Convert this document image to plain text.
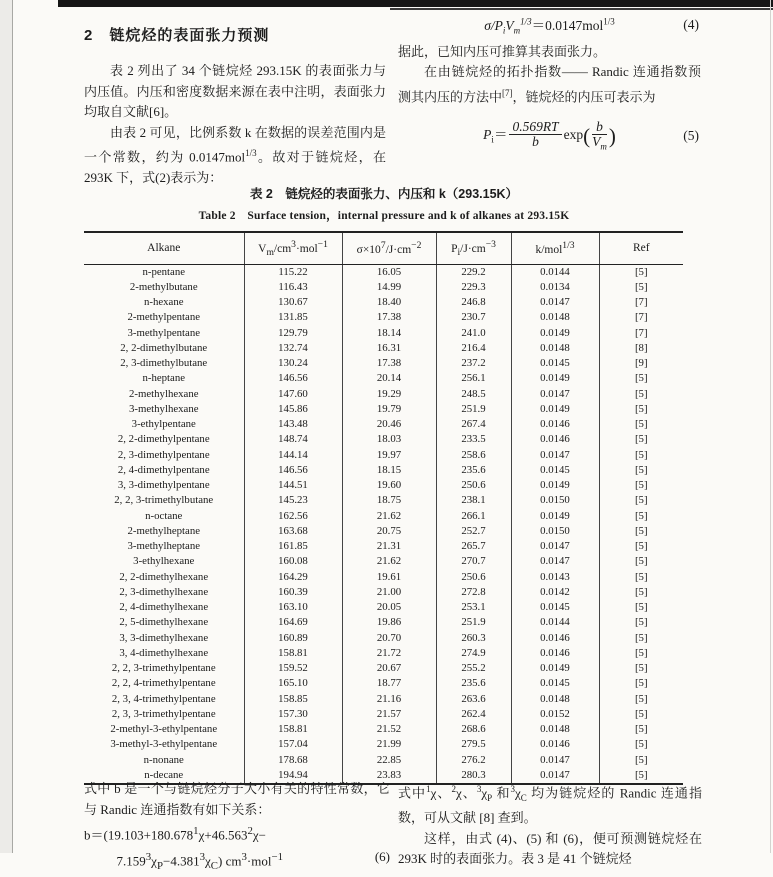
2　链烷烃的表面张力预测

表 2 列出了 34 个链烷烃 293.15K 的表面张力与内压值。内压和密度数据来源在表中注明，表面张力均取自文献[6]。

由表 2 可见，比例系数 k 在数据的误差范围内是一个常数，约为 0.0147mol$^{1/3}$。故对于链烷烃，在 293K 下，式(2)表示为：

$\sigma/P_iV_m^{1/3}=0.0147mol^{1/3}$	(4)

据此，已知内压可推算其表面张力。

在由链烷烃的拓扑指数—— Randic 连通指数预测其内压的方法中[7]，链烷烃的内压可表示为

$P_i= \frac{0.569RT}{b} \exp( \frac{b}{V_m}$ )	(5)

表 2　链烷烃的表面张力、内压和 k（293.15K）

Table 2　Surface tension，internal pressure and k of alkanes at 293.15K

Alkane	$V_m/cm^3\cdot mol^{-1}$	$\sigma\times 10^7/J\cdot cm^{-2}$	$P_i/J\cdot cm^{-3}$	k/mol$^{1/3}$	Ref
n-pentane	115.22	16.05	229.2	0.0144	[5]
2-methylbutane	116.43	14.99	229.3	0.0134	[5]
n-hexane	130.67	18.40	246.8	0.0147	[7]
2-methylpentane	131.85	17.38	230.7	0.0148	[7]
3-methylpentane	129.79	18.14	241.0	0.0149	[7]
2, 2-dimethylbutane	132.74	16.31	216.4	0.0148	[8]
2, 3-dimethylbutane	130.24	17.38	237.2	0.0145	[9]
n-heptane	146.56	20.14	256.1	0.0149	[5]
2-methylhexane	147.60	19.29	248.5	0.0147	[5]
3-methylhexane	145.86	19.79	251.9	0.0149	[5]
3-ethylpentane	143.48	20.46	267.4	0.0146	[5]
2, 2-dimethylpentane	148.74	18.03	233.5	0.0146	[5]
2, 3-dimethylpentane	144.14	19.97	258.6	0.0147	[5]
2, 4-dimethylpentane	146.56	18.15	235.6	0.0145	[5]
3, 3-dimethylpentane	144.51	19.60	250.6	0.0149	[5]
2, 2, 3-trimethylbutane	145.23	18.75	238.1	0.0150	[5]
n-octane	162.56	21.62	266.1	0.0149	[5]
2-methylheptane	163.68	20.75	252.7	0.0150	[5]
3-methylheptane	161.85	21.31	265.7	0.0147	[5]
3-ethylhexane	160.08	21.62	270.7	0.0147	[5]
2, 2-dimethylhexane	164.29	19.61	250.6	0.0143	[5]
2, 3-dimethylhexane	160.39	21.00	272.8	0.0142	[5]
2, 4-dimethylhexane	163.10	20.05	253.1	0.0145	[5]
2, 5-dimethylhexane	164.69	19.86	251.9	0.0144	[5]
3, 3-dimethylhexane	160.89	20.70	260.3	0.0146	[5]
3, 4-dimethylhexane	158.81	21.72	274.9	0.0146	[5]
2, 2, 3-trimethylpentane	159.52	20.67	255.2	0.0149	[5]
2, 2, 4-trimethylpentane	165.10	18.77	235.6	0.0145	[5]
2, 3, 4-trimethylpentane	158.85	21.16	263.6	0.0148	[5]
2, 3, 3-trimethylpentane	157.30	21.57	262.4	0.0152	[5]
2-methyl-3-ethylpentane	158.81	21.52	268.6	0.0148	[5]
3-methyl-3-ethylpentane	157.04	21.99	279.5	0.0146	[5]
n-nonane	178.68	22.85	276.2	0.0147	[5]
n-decane	194.94	23.83	280.3	0.0147	[5]

式中 b 是一个与链烷烃分子大小有关的特性常数，它与 Randic 连通指数有如下关系：

$b=(19.103+180.678^1\chi+46.563^2\chi-$
$7.159^3\chi_P-4.381^3\chi_C$) $cm^3\cdot mol^{-1}$	(6)

式中$^1$χ、$^2$χ、$^3\chi_P$ 和$^3\chi_C$ 均为链烷烃的 Randic 连通指数，可从文献 [8] 查到。

这样，由式 (4)、(5) 和 (6)，便可预测链烷烃在 293K 时的表面张力。表 3 是 41 个链烷烃
